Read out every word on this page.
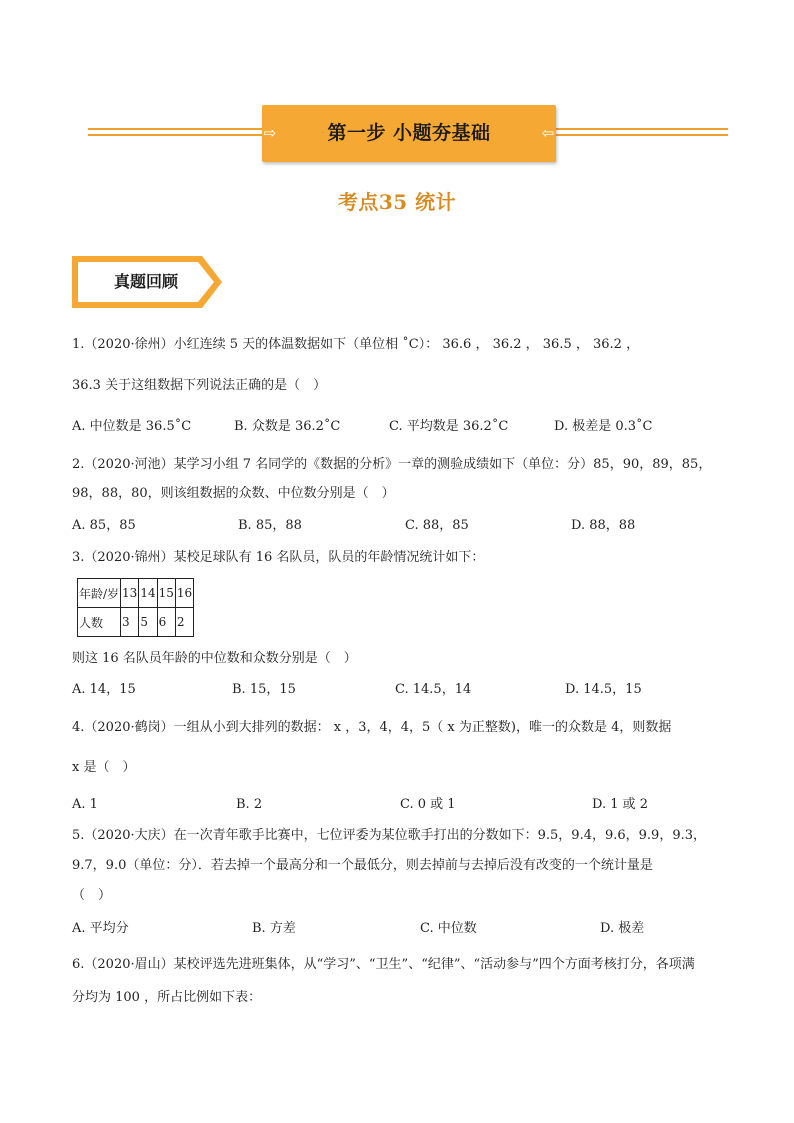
⇨	第一步 小题夯基础	⇦
考点35 统计
真题回顾
1.（2020·徐州）小红连续 5 天的体温数据如下（单位相 ˚C）： 36.6 ， 36.2 ， 36.5 ， 36.2 ，
36.3 关于这组数据下列说法正确的是（　）
A. 中位数是 36.5˚C	B. 众数是 36.2˚C	C. 平均数是 36.2˚C	D. 极差是 0.3˚C
2.（2020·河池）某学习小组 7 名同学的《数据的分析》一章的测验成绩如下（单位：分）85，90，89，85，
98，88，80，则该组数据的众数、中位数分别是（　）
A. 85，85	B. 85，88	C. 88，85	D. 88，88
3.（2020·锦州）某校足球队有 16 名队员，队员的年龄情况统计如下：
年龄/岁	13	14	15	16
人数	3	5	6	2
则这 16 名队员年龄的中位数和众数分别是（　）
A. 14，15	B. 15，15	C. 14.5，14	D. 14.5，15
4.（2020·鹤岗）一组从小到大排列的数据： x ，3，4，4，5（ x 为正整数)，唯一的众数是 4，则数据
x 是（　）
A. 1	B. 2	C. 0 或 1	D. 1 或 2
5.（2020·大庆）在一次青年歌手比赛中，七位评委为某位歌手打出的分数如下：9.5，9.4，9.6，9.9，9.3，
9.7，9.0（单位：分）．若去掉一个最高分和一个最低分，则去掉前与去掉后没有改变的一个统计量是
（　）
A. 平均分	B. 方差	C. 中位数	D. 极差
6.（2020·眉山）某校评选先进班集体，从“学习”、“卫生”、“纪律”、“活动参与”四个方面考核打分，各项满
分均为 100 ，所占比例如下表：
